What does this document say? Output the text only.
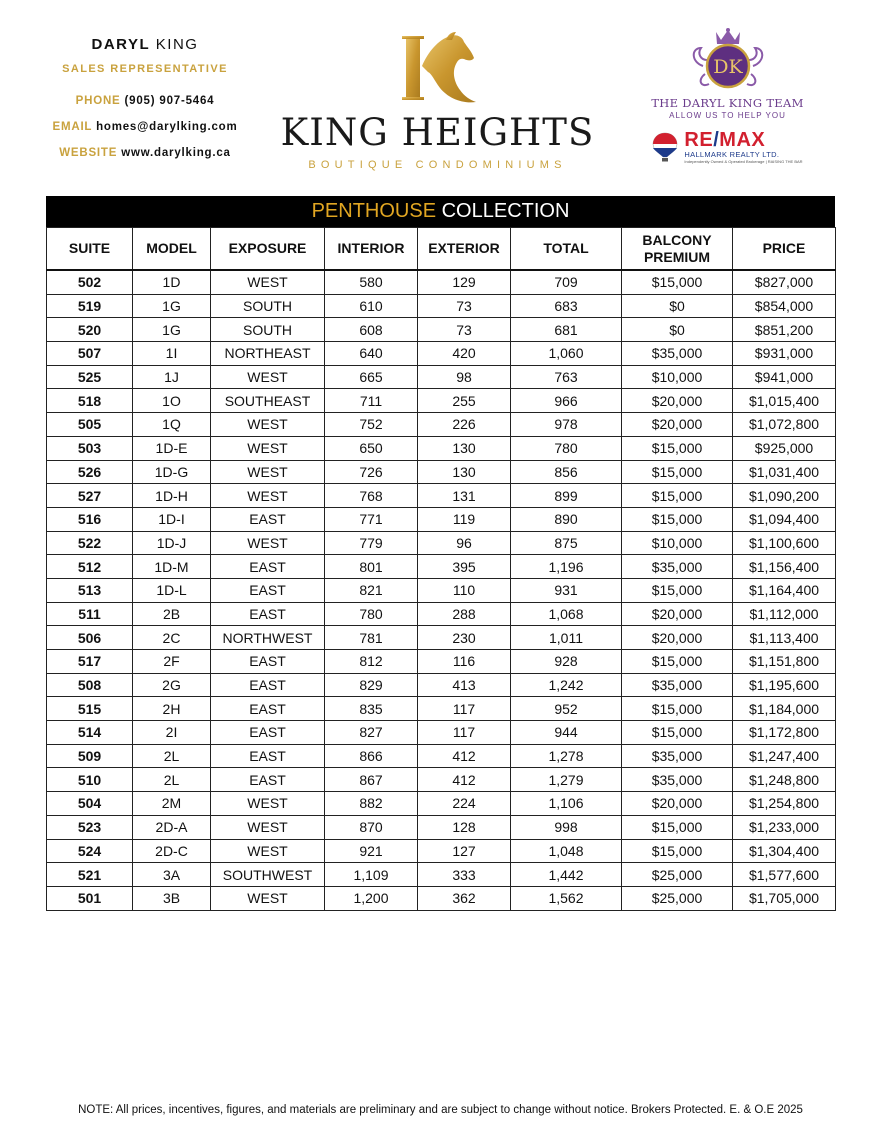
DARYL KING
SALES REPRESENTATIVE
PHONE (905) 907-5464
EMAIL homes@darylking.com
WEBSITE www.darylking.ca	KING HEIGHTS
BOUTIQUE CONDOMINIUMS
DK
THE DARYL KING TEAM
ALLOW US TO HELP YOU
RE/MAX
HALLMARK REALTY LTD.
Independently Owned & Operated Brokerage | RAISING THE BAR
PENTHOUSE COLLECTION
SUITE	MODEL	EXPOSURE	INTERIOR	EXTERIOR	TOTAL	BALCONY PREMIUM	PRICE
502	1D	WEST	580	129	709	$15,000	$827,000
519	1G	SOUTH	610	73	683	$0	$854,000
520	1G	SOUTH	608	73	681	$0	$851,200
507	1I	NORTHEAST	640	420	1,060	$35,000	$931,000
525	1J	WEST	665	98	763	$10,000	$941,000
518	1O	SOUTHEAST	711	255	966	$20,000	$1,015,400
505	1Q	WEST	752	226	978	$20,000	$1,072,800
503	1D-E	WEST	650	130	780	$15,000	$925,000
526	1D-G	WEST	726	130	856	$15,000	$1,031,400
527	1D-H	WEST	768	131	899	$15,000	$1,090,200
516	1D-I	EAST	771	119	890	$15,000	$1,094,400
522	1D-J	WEST	779	96	875	$10,000	$1,100,600
512	1D-M	EAST	801	395	1,196	$35,000	$1,156,400
513	1D-L	EAST	821	110	931	$15,000	$1,164,400
511	2B	EAST	780	288	1,068	$20,000	$1,112,000
506	2C	NORTHWEST	781	230	1,011	$20,000	$1,113,400
517	2F	EAST	812	116	928	$15,000	$1,151,800
508	2G	EAST	829	413	1,242	$35,000	$1,195,600
515	2H	EAST	835	117	952	$15,000	$1,184,000
514	2I	EAST	827	117	944	$15,000	$1,172,800
509	2L	EAST	866	412	1,278	$35,000	$1,247,400
510	2L	EAST	867	412	1,279	$35,000	$1,248,800
504	2M	WEST	882	224	1,106	$20,000	$1,254,800
523	2D-A	WEST	870	128	998	$15,000	$1,233,000
524	2D-C	WEST	921	127	1,048	$15,000	$1,304,400
521	3A	SOUTHWEST	1,109	333	1,442	$25,000	$1,577,600
501	3B	WEST	1,200	362	1,562	$25,000	$1,705,000
NOTE: All prices, incentives, figures, and materials are preliminary and are subject to change without notice. Brokers Protected. E. & O.E 2025
